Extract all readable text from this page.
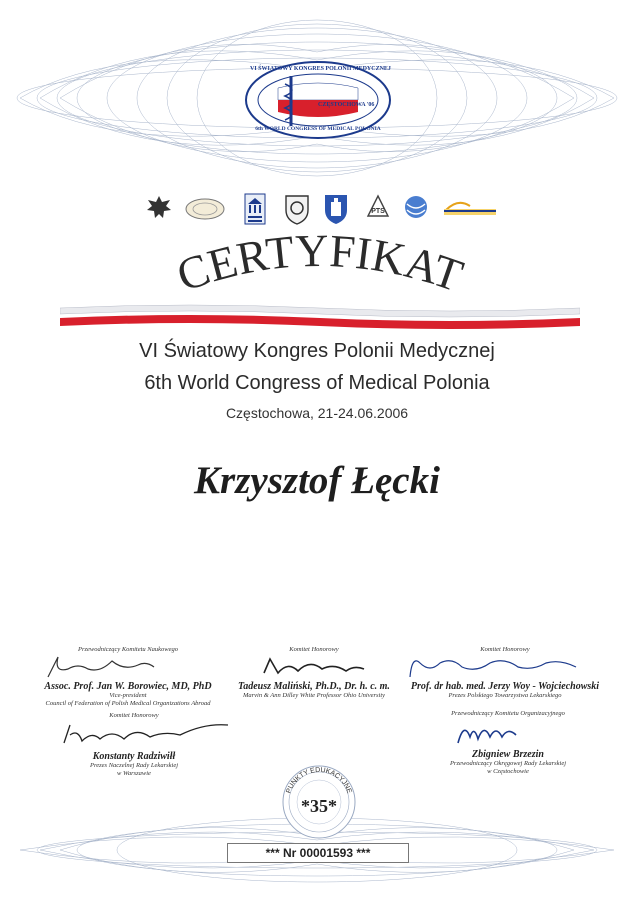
VI ŚWIATOWY KONGRES POLONII MEDYCZNEJ
CZĘSTOCHOWA '06
6th WORLD CONGRESS OF MEDICAL POLONIA
PTS
CERTYFIKAT
VI Światowy Kongres Polonii Medycznej
6th World Congress of Medical Polonia
Częstochowa, 21-24.06.2006
Krzysztof Łęcki
Przewodniczący Komitetu Naukowego
Assoc. Prof. Jan W. Borowiec, MD, PhD
Vice-president
Council of Federation of Polish Medical Organizations Abroad
Komitet Honorowy
Tadeusz Maliński, Ph.D., Dr. h. c. m.
Marvin & Ann Dilley White Professor Ohio University
Komitet Honorowy
Prof. dr hab. med. Jerzy Woy - Wojciechowski
Prezes Polskiego Towarzystwa Lekarskiego
Komitet Honorowy
Konstanty Radziwiłł
Prezes Naczelnej Rady Lekarskiej
w Warszawie
Przewodniczący Komitetu Organizacyjnego
Zbigniew Brzezin
Przewodniczący Okręgowej Rady Lekarskiej
w Częstochowie
PUNKTY EDUKACYJNE
*35*
*** Nr 00001593 ***
